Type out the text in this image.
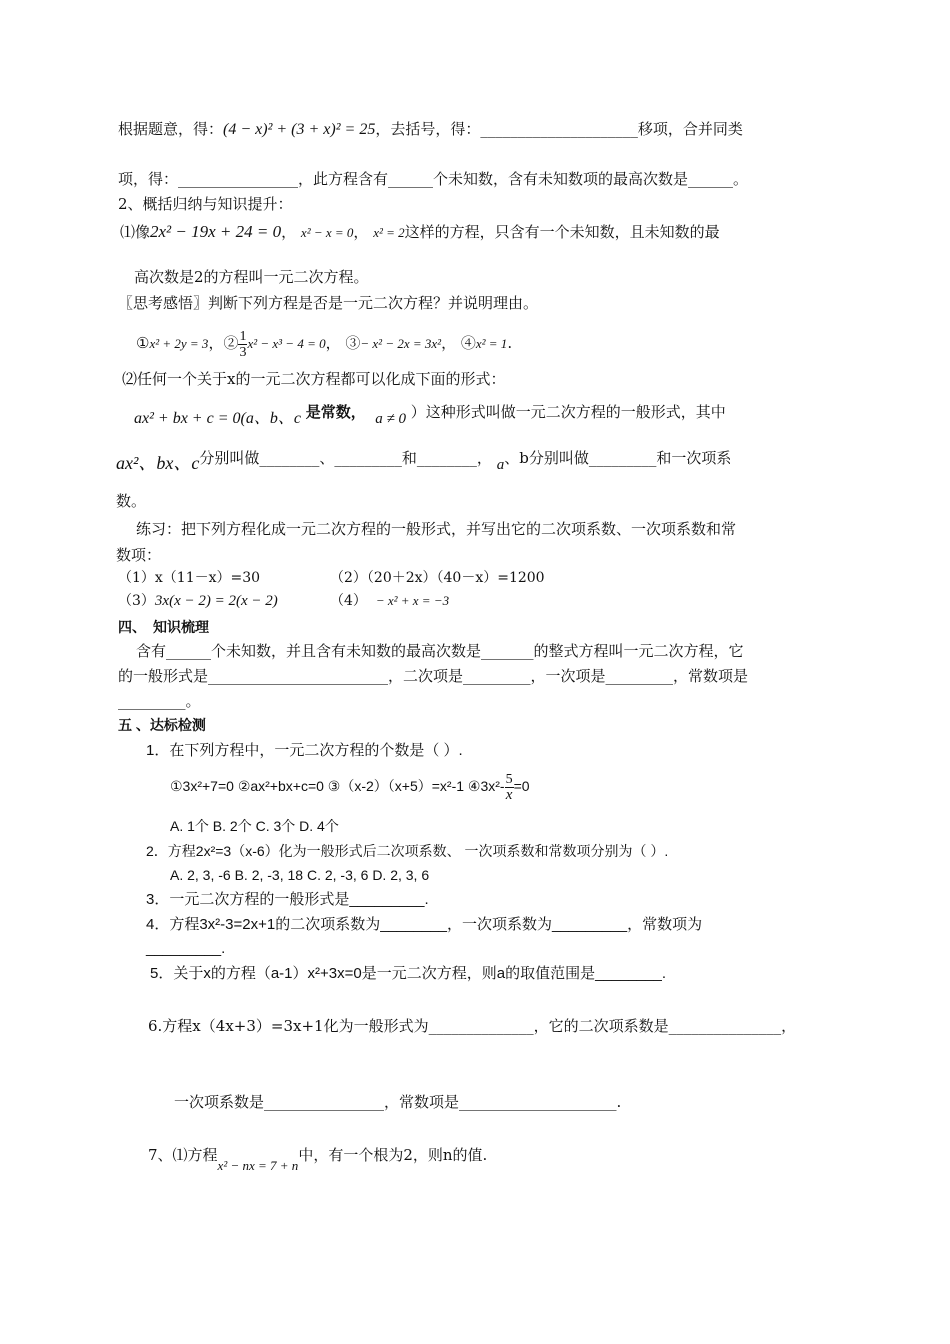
根据题意，得：(4 − x)² + (3 + x)² = 25，去括号，得：_____________________移项，合并同类
项，得：________________，此方程含有______个未知数，含有未知数项的最高次数是______。
2、概括归纳与知识提升：
⑴像2x² − 19x + 24 = 0， x² − x = 0， x² = 2这样的方程，只含有一个未知数，且未知数的最
高次数是2的方程叫一元二次方程。
〖思考感悟〗判断下列方程是否是一元二次方程？并说明理由。
①x² + 2y = 3，② $\frac{1}{3} x^2 - x^3 - 4 = 0$， ③− x² − 2x = 3x²， ④x² = 1.
⑵任何一个关于x的一元二次方程都可以化成下面的形式：
ax² + bx + c = 0(a、b、c 是常数， a ≠ 0 ）这种形式叫做一元二次方程的一般形式，其中
ax²、bx、c分别叫做________、_________和________， a、b分别叫做_________和一次项系
数。
练习：把下列方程化成一元二次方程的一般形式，并写出它的二次项系数、一次项系数和常
数项：
（1）x（11－x）=30	（2）（20＋2x）（40－x）=1200
（3）3x(x − 2) = 2(x − 2)	（4） − x² + x = −3
四、　知识梳理
含有______个未知数，并且含有未知数的最高次数是_______的整式方程叫一元二次方程，它
的一般形式是________________________，二次项是_________，一次项是_________，常数项是
_________。
五 、达标检测
1．在下列方程中，一元二次方程的个数是（ ）.
①3x²+7=0 ②ax²+bx+c=0 ③（x-2）（x+5）=x²-1 ④3x²- $\frac{5}{x} =0$
A. 1个 B. 2个 C. 3个 D. 4个
2．方程2x²=3（x-6）化为一般形式后二次项系数、 一次项系数和常数项分别为（ ）.
A. 2, 3, -6 B. 2, -3, 18 C. 2, -3, 6 D. 2, 3, 6
3．一元二次方程的一般形式是_________.
4．方程3x²-3=2x+1的二次项系数为________，一次项系数为_________，常数项为
_________.
5．关于x的方程（a-1）x²+3x=0是一元二次方程，则a的取值范围是________.
6.方程x（4x+3）=3x+1化为一般形式为______________，它的二次项系数是_______________，
一次项系数是________________，常数项是_____________________.
7、⑴方程x² − nx = 7 + n中，有一个根为2，则n的值.
